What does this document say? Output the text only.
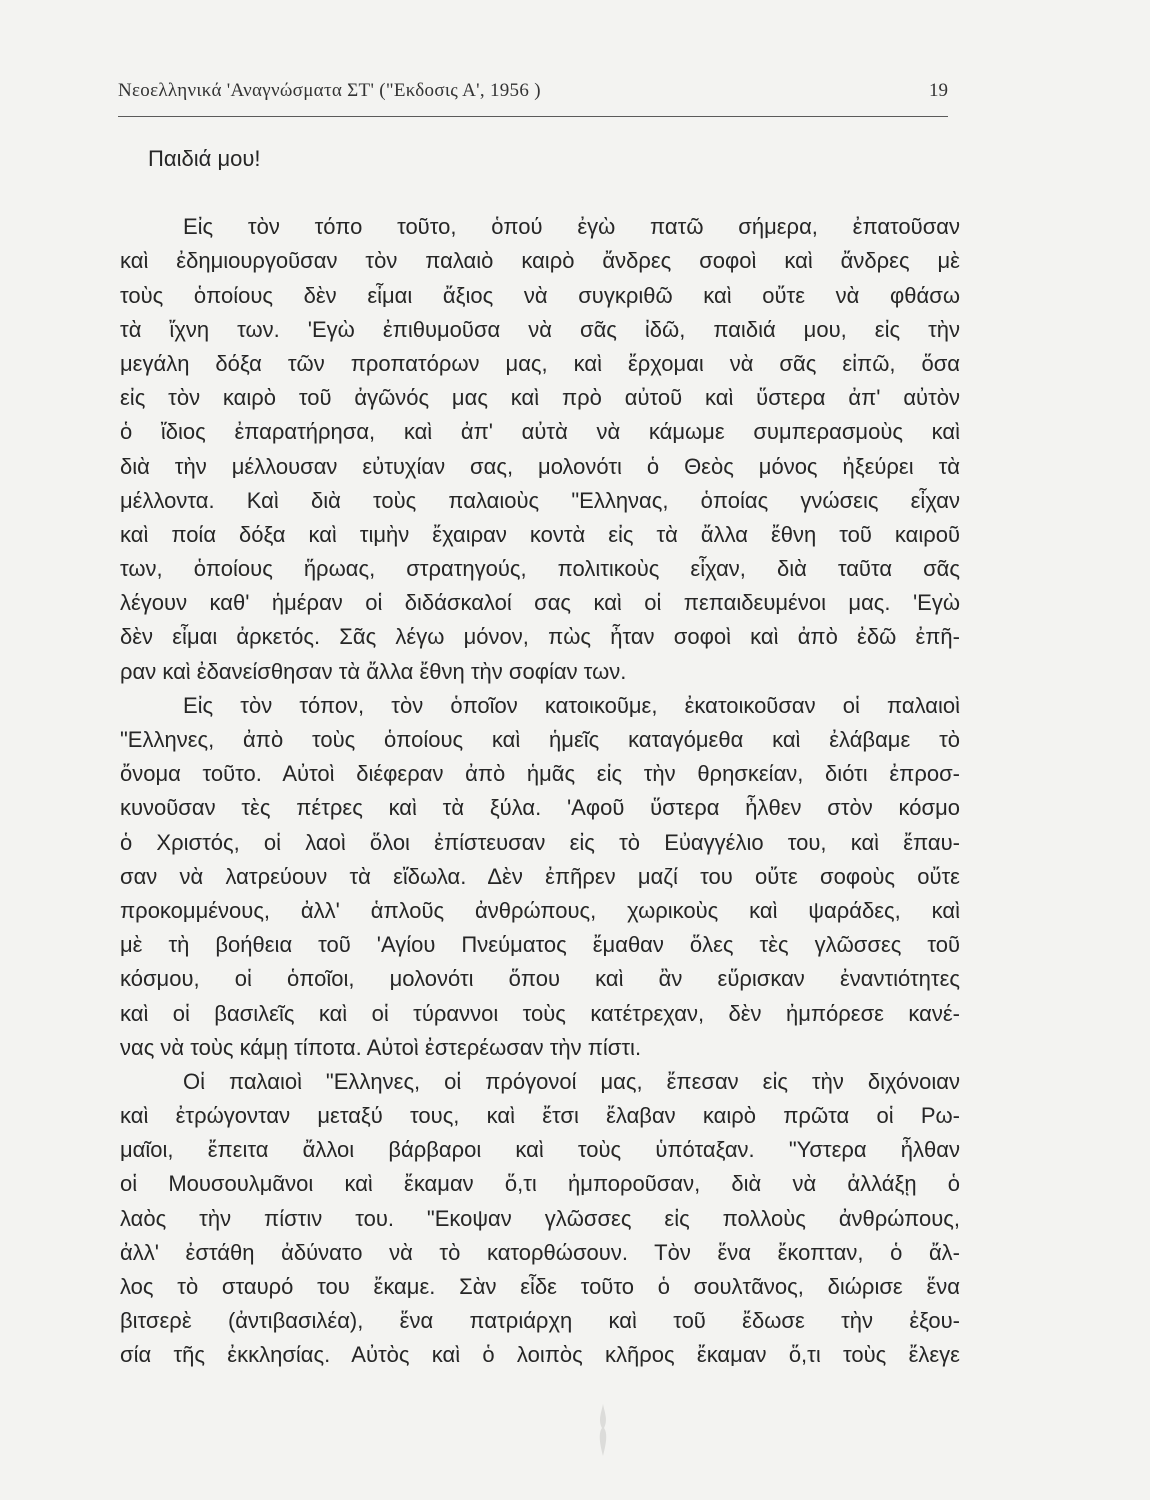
Νεοελληνικά 'Αναγνώσματα ΣΤ' ("Εκδοσις Α', 1956 )	19
Παιδιά μου!
Εἰς τὸν τόπο τοῦτο, ὁπού ἐγὼ πατῶ σήμερα, ἐπατοῦσαν
καὶ ἐδημιουργοῦσαν τὸν παλαιὸ καιρὸ ἄνδρες σοφοὶ καὶ ἄνδρες μὲ
τοὺς ὁποίους δὲν εἶμαι ἄξιος νὰ συγκριθῶ καὶ οὔτε νὰ φθάσω
τὰ ἴχνη των. 'Εγὼ ἐπιθυμοῦσα νὰ σᾶς ἰδῶ, παιδιά μου, εἰς τὴν
μεγάλη δόξα τῶν προπατόρων μας, καὶ ἔρχομαι νὰ σᾶς εἰπῶ, ὅσα
εἰς τὸν καιρὸ τοῦ ἀγῶνός μας καὶ πρὸ αὐτοῦ καὶ ὕστερα ἀπ' αὐτὸν
ὁ ἴδιος ἐπαρατήρησα, καὶ ἀπ' αὐτὰ νὰ κάμωμε συμπερασμοὺς καὶ
διὰ τὴν μέλλουσαν εὐτυχίαν σας, μολονότι ὁ Θεὸς μόνος ἠξεύρει τὰ
μέλλοντα. Καὶ διὰ τοὺς παλαιοὺς "Ελληνας, ὁποίας γνώσεις εἶχαν
καὶ ποία δόξα καὶ τιμὴν ἔχαιραν κοντὰ εἰς τὰ ἄλλα ἔθνη τοῦ καιροῦ
των, ὁποίους ἥρωας, στρατηγούς, πολιτικοὺς εἶχαν, διὰ ταῦτα σᾶς
λέγουν καθ' ἡμέραν οἱ διδάσκαλοί σας καὶ οἱ πεπαιδευμένοι μας. 'Εγὼ
δὲν εἶμαι ἀρκετός. Σᾶς λέγω μόνον, πὼς ἦταν σοφοὶ καὶ ἀπὸ ἐδῶ ἐπῆ-
ραν καὶ ἐδανείσθησαν τὰ ἄλλα ἔθνη τὴν σοφίαν των.
Εἰς τὸν τόπον, τὸν ὁποῖον κατοικοῦμε, ἐκατοικοῦσαν οἱ παλαιοὶ
"Ελληνες, ἀπὸ τοὺς ὁποίους καὶ ἡμεῖς καταγόμεθα καὶ ἐλάβαμε τὸ
ὄνομα τοῦτο. Αὐτοὶ διέφεραν ἀπὸ ἡμᾶς εἰς τὴν θρησκείαν, διότι ἐπροσ-
κυνοῦσαν τὲς πέτρες καὶ τὰ ξύλα. 'Αφοῦ ὕστερα ἦλθεν στὸν κόσμο
ὁ Χριστός, οἱ λαοὶ ὅλοι ἐπίστευσαν εἰς τὸ Εὐαγγέλιο του, καὶ ἔπαυ-
σαν νὰ λατρεύουν τὰ εἴδωλα. Δὲν ἐπῆρεν μαζί του οὔτε σοφοὺς οὔτε
προκομμένους, ἀλλ' ἁπλοῦς ἀνθρώπους, χωρικοὺς καὶ ψαράδες, καὶ
μὲ τὴ βοήθεια τοῦ 'Αγίου Πνεύματος ἔμαθαν ὅλες τὲς γλῶσσες τοῦ
κόσμου, οἱ ὁποῖοι, μολονότι ὅπου καὶ ἂν εὕρισκαν ἐναντιότητες
καὶ οἱ βασιλεῖς καὶ οἱ τύραννοι τοὺς κατέτρεχαν, δὲν ἠμπόρεσε κανέ-
νας νὰ τοὺς κάμῃ τίποτα. Αὐτοὶ ἐστερέωσαν τὴν πίστι.
Οἱ παλαιοὶ "Ελληνες, οἱ πρόγονοί μας, ἔπεσαν εἰς τὴν διχόνοιαν
καὶ ἐτρώγονταν μεταξύ τους, καὶ ἔτσι ἔλαβαν καιρὸ πρῶτα οἱ Ρω-
μαῖοι, ἔπειτα ἄλλοι βάρβαροι καὶ τοὺς ὑπόταξαν. "Υστερα ἦλθαν
οἱ Μουσουλμᾶνοι καὶ ἔκαμαν ὅ,τι ἠμποροῦσαν, διὰ νὰ ἀλλάξῃ ὁ
λαὸς τὴν πίστιν του. "Εκοψαν γλῶσσες εἰς πολλοὺς ἀνθρώπους,
ἀλλ' ἐστάθη ἀδύνατο νὰ τὸ κατορθώσουν. Τὸν ἕνα ἔκοπταν, ὁ ἄλ-
λος τὸ σταυρό του ἔκαμε. Σὰν εἶδε τοῦτο ὁ σουλτᾶνος, διώρισε ἕνα
βιτσερὲ (ἀντιβασιλέα), ἕνα πατριάρχη καὶ τοῦ ἔδωσε τὴν ἐξου-
σία τῆς ἐκκλησίας. Αὐτὸς καὶ ὁ λοιπὸς κλῆρος ἔκαμαν ὅ,τι τοὺς ἔλεγε
